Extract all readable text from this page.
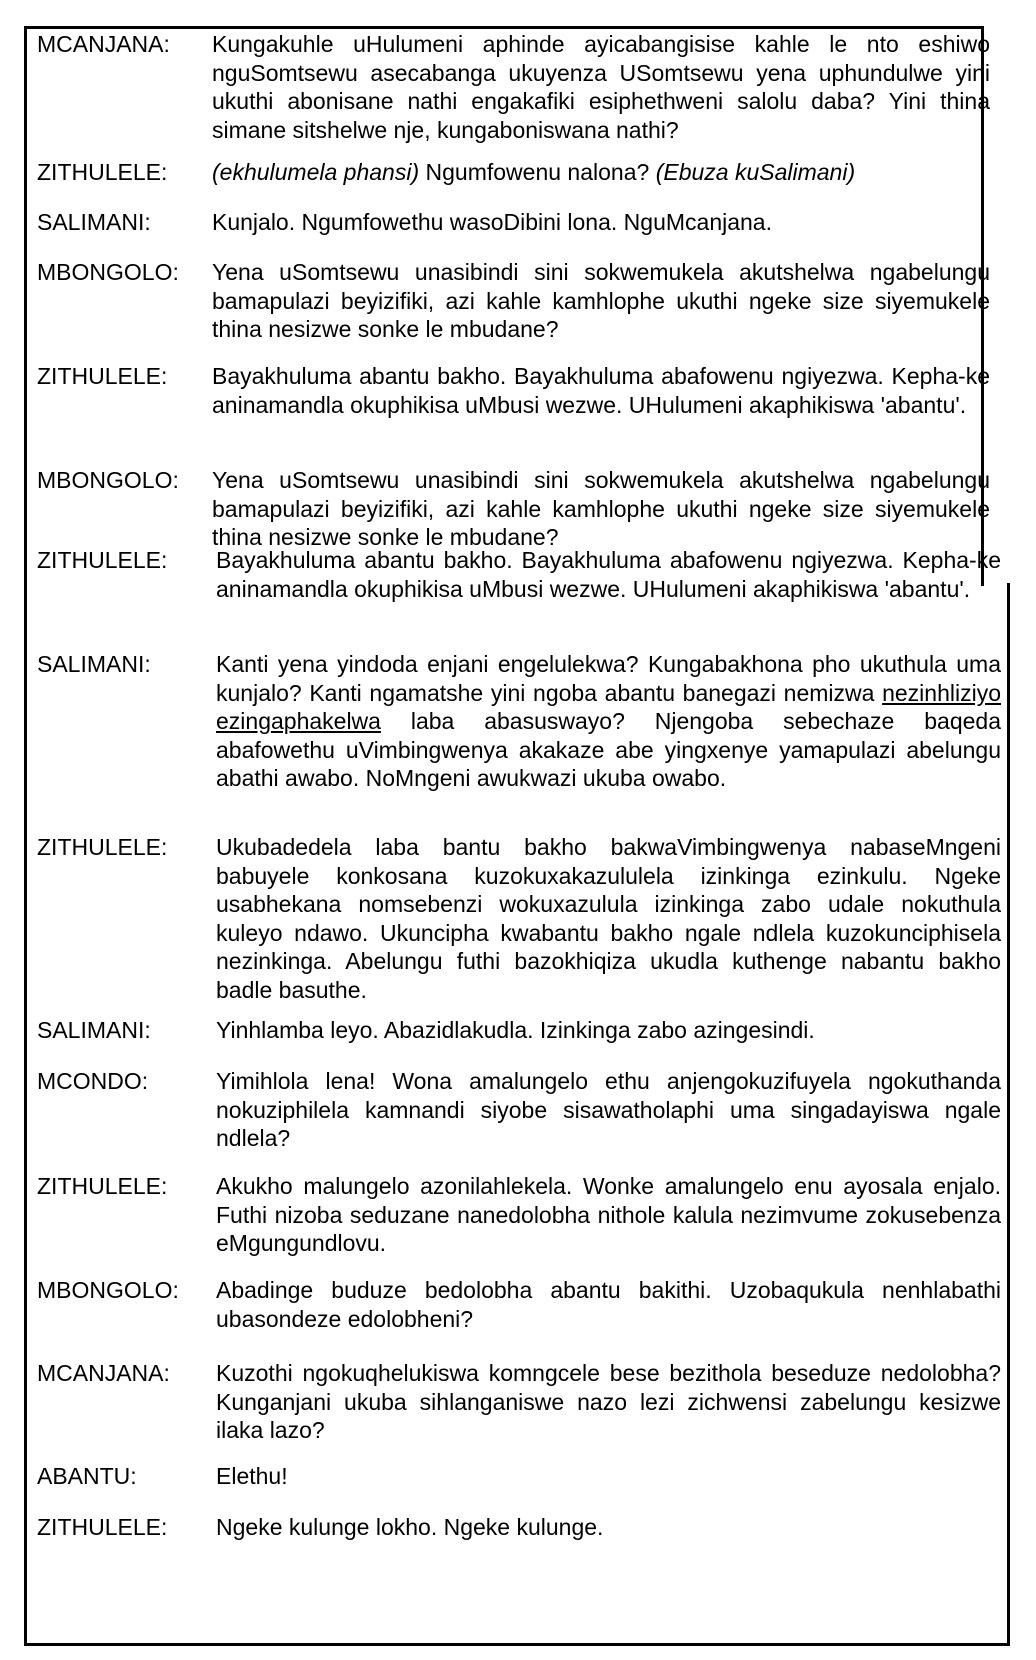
MCANJANA: Kungakuhle uHulumeni aphinde ayicabangisise kahle le nto eshiwo nguSomtsewu asecabanga ukuyenza USomtsewu yena uphundulwe yini ukuthi abonisane nathi engakafiki esiphethweni salolu daba? Yini thina simane sitshelwe nje, kungaboniswana nathi?
ZITHULELE: (ekhulumela phansi) Ngumfowenu nalona? (Ebuza kuSalimani)
SALIMANI:	Kunjalo. Ngumfowethu wasoDibini lona. NguMcanjana.
MBONGOLO: Yena uSomtsewu unasibindi sini sokwemukela akutshelwa ngabelungu bamapulazi beyizifiki, azi kahle kamhlophe ukuthi ngeke size siyemukele thina nesizwe sonke le mbudane?
ZITHULELE: Bayakhuluma abantu bakho. Bayakhuluma abafowenu ngiyezwa. Kepha-ke aninamandla okuphikisa uMbusi wezwe. UHulumeni akaphikiswa 'abantu'.
MBONGOLO: Yena uSomtsewu unasibindi sini sokwemukela akutshelwa ngabelungu bamapulazi beyizifiki, azi kahle kamhlophe ukuthi ngeke size siyemukele thina nesizwe sonke le mbudane?
ZITHULELE: Bayakhuluma abantu bakho. Bayakhuluma abafowenu ngiyezwa. Kepha-ke aninamandla okuphikisa uMbusi wezwe. UHulumeni akaphikiswa 'abantu'.
SALIMANI:	Kanti yena yindoda enjani engelulekwa? Kungabakhona pho ukuthula uma kunjalo? Kanti ngamatshe yini ngoba abantu banegazi nemizwa nezinhliziyo ezingaphakelwa laba abasuswayo? Njengoba sebechaze baqeda abafowethu uVimbingwenya akakaze abe yingxenye yamapulazi abelungu abathi awabo. NoMngeni awukwazi ukuba owabo.
ZITHULELE: Ukubadedela laba bantu bakho bakwaVimbingwenya nabaseMngeni babuyele konkosana kuzokuxakazululela izinkinga ezinkulu. Ngeke usabhekana nomsebenzi wokuxazulula izinkinga zabo udale nokuthula kuleyo ndawo. Ukuncipha kwabantu bakho ngale ndlela kuzokunciphisela nezinkinga. Abelungu futhi bazokhiqiza ukudla kuthenge nabantu bakho badle basuthe.
SALIMANI:	Yinhlamba leyo. Abazidlakudla. Izinkinga zabo azingesindi.
MCONDO:	Yimihlola lena! Wona amalungelo ethu anjengokuzifuyela ngokuthanda nokuziphilela kamnandi siyobe sisawatholaphi uma singadayiswa ngale ndlela?
ZITHULELE: Akukho malungelo azonilahlekela. Wonke amalungelo enu ayosala enjalo. Futhi nizoba seduzane nanedolobha nithole kalula nezimvume zokusebenza eMgungundlovu.
MBONGOLO: Abadinge buduze bedolobha abantu bakithi. Uzobaqukula nenhlabathi ubasondeze edolobheni?
MCANJANA: Kuzothi ngokuqhelukiswa komngcele bese bezithola beseduze nedolobha? Kunganjani ukuba sihlanganiswe nazo lezi zichwensi zabelungu kesizwe ilaka lazo?
ABANTU:	Elethu!
ZITHULELE: Ngeke kulunge lokho. Ngeke kulunge.
